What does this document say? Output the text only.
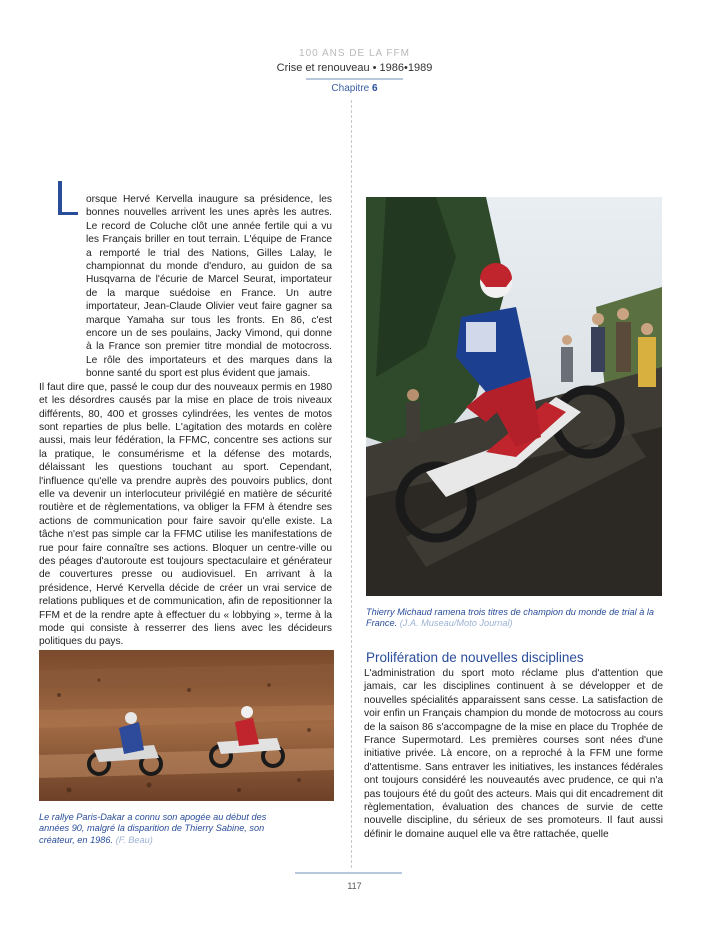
100 ANS DE LA FFM
Crise et renouveau • 1986•1989
Chapitre 6

orsque Hervé Kervella inaugure sa présidence, les bonnes nouvelles arrivent les unes après les autres. Le record de Coluche clôt une année fertile qui a vu les Français briller en tout terrain. L'équipe de France a remporté le trial des Nations, Gilles Lalay, le championnat du monde d'enduro, au guidon de sa Husqvarna de l'écurie de Marcel Seurat, importateur de la marque suédoise en France. Un autre importateur, Jean-Claude Olivier veut faire gagner sa marque Yamaha sur tous les fronts. En 86, c'est encore un de ses poulains, Jacky Vimond, qui donne à la France son premier titre mondial de motocross. Le rôle des importateurs et des marques dans la bonne santé du sport est plus évident que jamais.

Il faut dire que, passé le coup dur des nouveaux permis en 1980 et les désordres causés par la mise en place de trois niveaux différents, 80, 400 et grosses cylindrées, les ventes de motos sont reparties de plus belle. L'agitation des motards en colère aussi, mais leur fédération, la FFMC, concentre ses actions sur la pratique, le consumérisme et la défense des motards, délaissant les questions touchant au sport. Cependant, l'influence qu'elle va prendre auprès des pouvoirs publics, dont elle va devenir un interlocuteur privilégié en matière de sécurité routière et de règlementations, va obliger la FFM à étendre ses actions de communication pour faire savoir qu'elle existe. La tâche n'est pas simple car la FFMC utilise les manifestations de rue pour faire connaître ses actions. Bloquer un centre-ville ou des péages d'autoroute est toujours spectaculaire et générateur de couvertures presse ou audiovisuel. En arrivant à la présidence, Hervé Kervella décide de créer un vrai service de relations publiques et de communication, afin de repositionner la FFM et de la rendre apte à effectuer du « lobbying », terme à la mode qui consiste à resserrer des liens avec les décideurs politiques du pays.

Thierry Michaud ramena trois titres de champion du monde de trial à la France. (J.A. Museau/Moto Journal)
Prolifération de nouvelles disciplines

L'administration du sport moto réclame plus d'attention que jamais, car les disciplines continuent à se développer et de nouvelles spécialités apparaissent sans cesse. La satisfaction de voir enfin un Français champion du monde de motocross au cours de la saison 86 s'accompagne de la mise en place du Trophée de France Supermotard. Les premières courses sont nées d'une initiative privée. Là encore, on a reproché à la FFM une forme d'attentisme. Sans entraver les initiatives, les instances fédérales ont toujours considéré les nouveautés avec prudence, ce qui n'a pas toujours été du goût des acteurs. Mais qui dit encadrement dit règlementation, évaluation des chances de survie de cette nouvelle discipline, du sérieux de ses promoteurs. Il faut aussi définir le domaine auquel elle va être rattachée, quelle

Le rallye Paris-Dakar a connu son apogée au début des années 90, malgré la disparition de Thierry Sabine, son créateur, en 1986. (F. Beau)
117
